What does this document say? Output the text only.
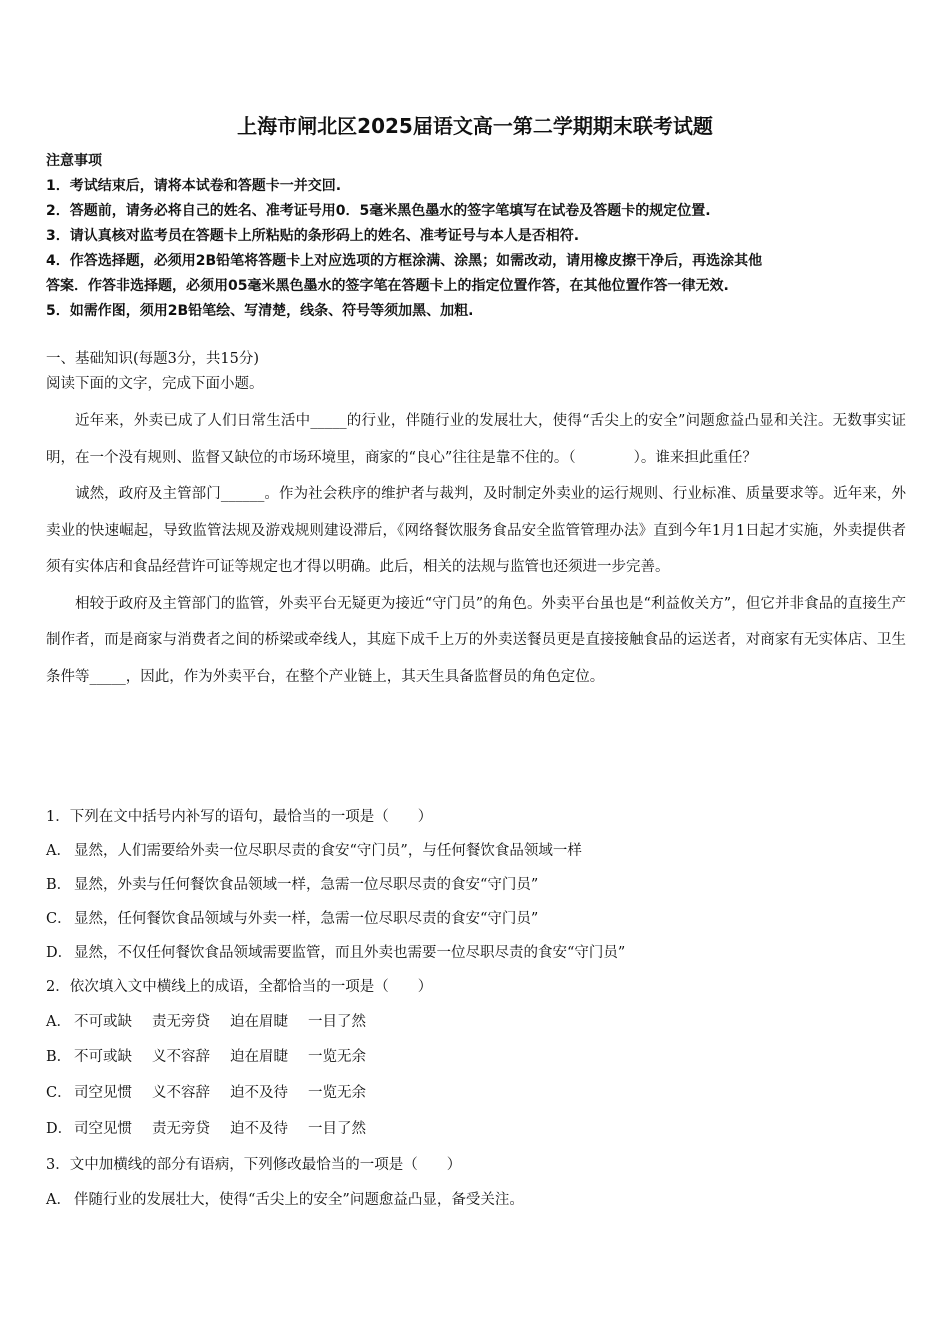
上海市闸北区2025届语文高一第二学期期末联考试题
注意事项
1．考试结束后，请将本试卷和答题卡一并交回.
2．答题前，请务必将自己的姓名、准考证号用0．5毫米黑色墨水的签字笔填写在试卷及答题卡的规定位置.
3．请认真核对监考员在答题卡上所粘贴的条形码上的姓名、准考证号与本人是否相符.
4．作答选择题，必须用2B铅笔将答题卡上对应选项的方框涂满、涂黑；如需改动，请用橡皮擦干净后，再选涂其他
答案．作答非选择题，必须用05毫米黑色墨水的签字笔在答题卡上的指定位置作答，在其他位置作答一律无效.
5．如需作图，须用2B铅笔绘、写清楚，线条、符号等须加黑、加粗.
一、基础知识(每题3分，共15分)
阅读下面的文字，完成下面小题。

近年来，外卖已成了人们日常生活中_____的行业，伴随行业的发展壮大，使得“舌尖上的安全”问题愈益凸显和关注。无数事实证明，在一个没有规则、监督又缺位的市场环境里，商家的“良心”往往是靠不住的。（　　　　）。谁来担此重任？

诚然，政府及主管部门______。作为社会秩序的维护者与裁判，及时制定外卖业的运行规则、行业标准、质量要求等。近年来，外卖业的快速崛起，导致监管法规及游戏规则建设滞后，《网络餐饮服务食品安全监管管理办法》直到今年1月1日起才实施，外卖提供者须有实体店和食品经营许可证等规定也才得以明确。此后，相关的法规与监管也还须进一步完善。

相较于政府及主管部门的监管，外卖平台无疑更为接近“守门员”的角色。外卖平台虽也是“利益攸关方”，但它并非食品的直接生产制作者，而是商家与消费者之间的桥梁或牵线人，其庭下成千上万的外卖送餐员更是直接接触食品的运送者，对商家有无实体店、卫生条件等_____，因此，作为外卖平台，在整个产业链上，其天生具备监督员的角色定位。

1．下列在文中括号内补写的语句，最恰当的一项是（　　）
A． 显然，人们需要给外卖一位尽职尽责的食安“守门员”，与任何餐饮食品领域一样
B． 显然，外卖与任何餐饮食品领域一样，急需一位尽职尽责的食安“守门员”
C． 显然，任何餐饮食品领域与外卖一样，急需一位尽职尽责的食安“守门员”
D． 显然，不仅任何餐饮食品领域需要监管，而且外卖也需要一位尽职尽责的食安“守门员”
2．依次填入文中横线上的成语，全都恰当的一项是（　　）
A． 不可或缺 责无旁贷 迫在眉睫 一目了然
B． 不可或缺 义不容辞 迫在眉睫 一览无余
C． 司空见惯 义不容辞 迫不及待 一览无余
D． 司空见惯 责无旁贷 迫不及待 一目了然
3．文中加横线的部分有语病，下列修改最恰当的一项是（　　）
A． 伴随行业的发展壮大，使得“舌尖上的安全”问题愈益凸显，备受关注。
